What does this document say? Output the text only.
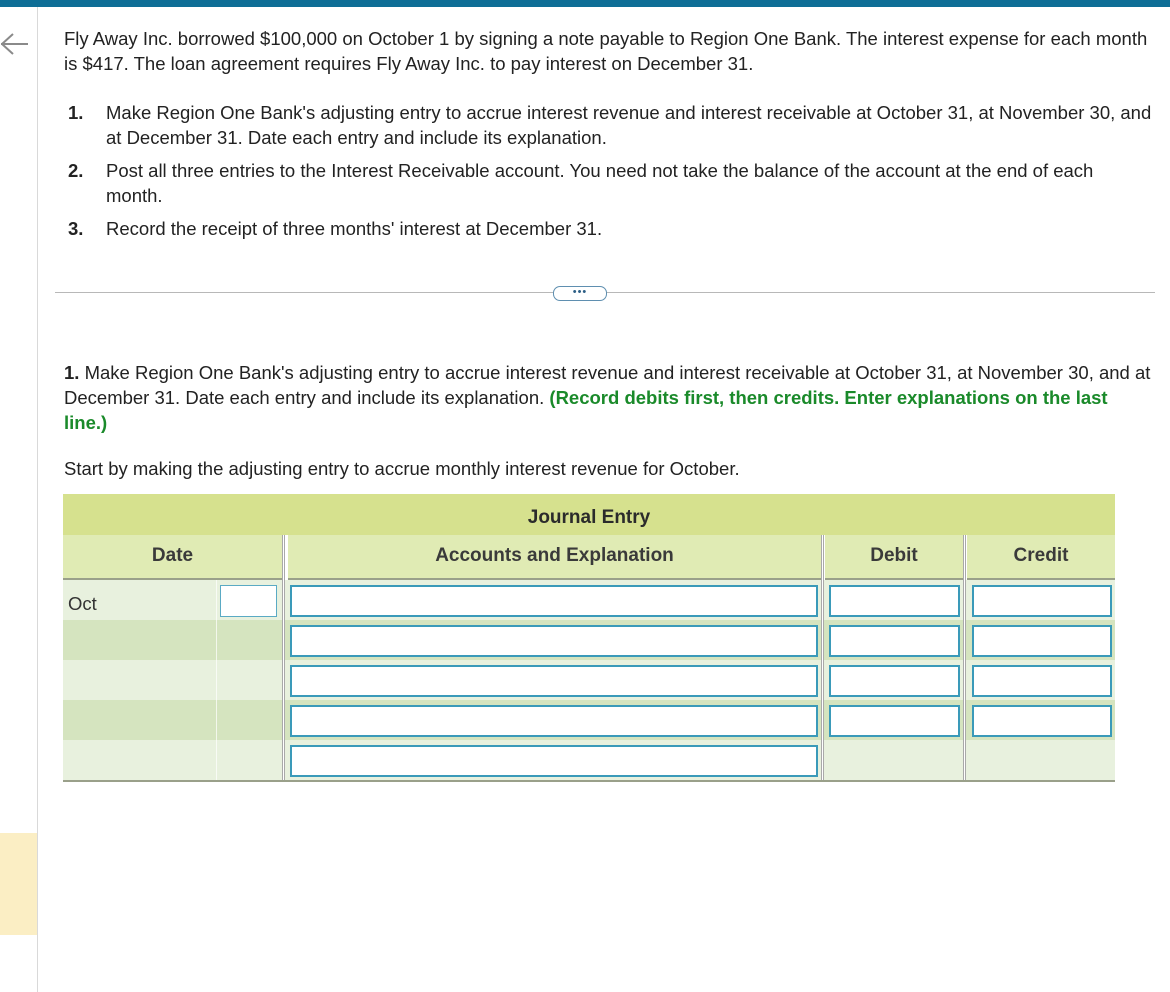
Fly Away Inc. borrowed $100,000 on October 1 by signing a note payable to Region One Bank. The interest expense for each month is $417. The loan agreement requires Fly Away Inc. to pay interest on December 31.

1. Make Region One Bank's adjusting entry to accrue interest revenue and interest receivable at October 31, at November 30, and at December 31. Date each entry and include its explanation.
2. Post all three entries to the Interest Receivable account. You need not take the balance of the account at the end of each month.
3. Record the receipt of three months' interest at December 31.
•••

1. Make Region One Bank's adjusting entry to accrue interest revenue and interest receivable at October 31, at November 30, and at December 31. Date each entry and include its explanation. (Record debits first, then credits. Enter explanations on the last line.)

Start by making the adjusting entry to accrue monthly interest revenue for October.

Journal Entry
Date	Accounts and Explanation	Debit	Credit
Oct
